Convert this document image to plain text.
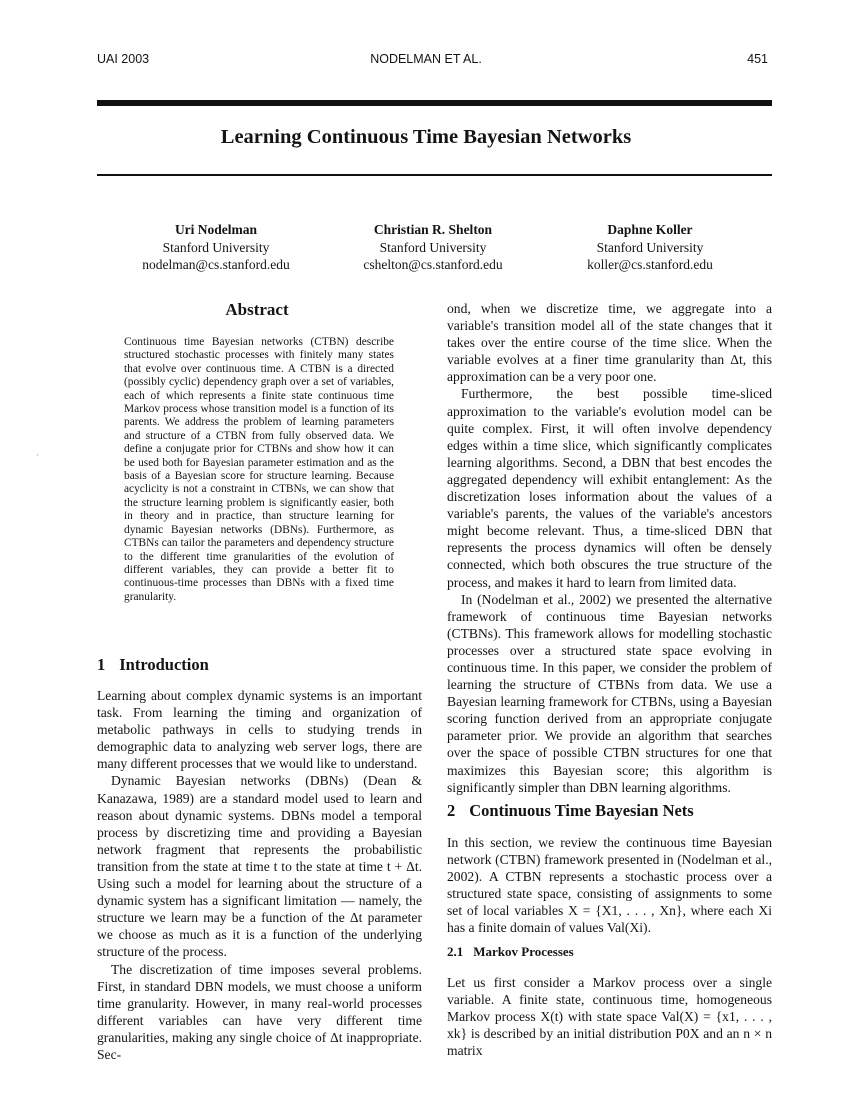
UAI 2003	NODELMAN ET AL.	451
Learning Continuous Time Bayesian Networks
Uri Nodelman
Stanford University
nodelman@cs.stanford.edu
Christian R. Shelton
Stanford University
cshelton@cs.stanford.edu
Daphne Koller
Stanford University
koller@cs.stanford.edu
Abstract
Continuous time Bayesian networks (CTBN) describe structured stochastic processes with finitely many states that evolve over continuous time. A CTBN is a directed (possibly cyclic) dependency graph over a set of variables, each of which represents a finite state continuous time Markov process whose transition model is a function of its parents. We address the problem of learning parameters and structure of a CTBN from fully observed data. We define a conjugate prior for CTBNs and show how it can be used both for Bayesian parameter estimation and as the basis of a Bayesian score for structure learning. Because acyclicity is not a constraint in CTBNs, we can show that the structure learning problem is significantly easier, both in theory and in practice, than structure learning for dynamic Bayesian networks (DBNs). Furthermore, as CTBNs can tailor the parameters and dependency structure to the different time granularities of the evolution of different variables, they can provide a better fit to continuous-time processes than DBNs with a fixed time granularity.
·
1 Introduction

Learning about complex dynamic systems is an important task. From learning the timing and organization of metabolic pathways in cells to studying trends in demographic data to analyzing web server logs, there are many different processes that we would like to understand.

Dynamic Bayesian networks (DBNs) (Dean & Kanazawa, 1989) are a standard model used to learn and reason about dynamic systems. DBNs model a temporal process by discretizing time and providing a Bayesian network fragment that represents the probabilistic transition from the state at time t to the state at time t + Δt. Using such a model for learning about the structure of a dynamic system has a significant limitation — namely, the structure we learn may be a function of the Δt parameter we choose as much as it is a function of the underlying structure of the process.

The discretization of time imposes several problems. First, in standard DBN models, we must choose a uniform time granularity. However, in many real-world processes different variables can have very different time granularities, making any single choice of Δt inappropriate. Sec-

ond, when we discretize time, we aggregate into a variable's transition model all of the state changes that it takes over the entire course of the time slice. When the variable evolves at a finer time granularity than Δt, this approximation can be a very poor one.

Furthermore, the best possible time-sliced approximation to the variable's evolution model can be quite complex. First, it will often involve dependency edges within a time slice, which significantly complicates learning algorithms. Second, a DBN that best encodes the aggregated dependency will exhibit entanglement: As the discretization loses information about the values of a variable's parents, the values of the variable's ancestors might become relevant. Thus, a time-sliced DBN that represents the process dynamics will often be densely connected, which both obscures the true structure of the process, and makes it hard to learn from limited data.

In (Nodelman et al., 2002) we presented the alternative framework of continuous time Bayesian networks (CTBNs). This framework allows for modelling stochastic processes over a structured state space evolving in continuous time. In this paper, we consider the problem of learning the structure of CTBNs from data. We use a Bayesian learning framework for CTBNs, using a Bayesian scoring function derived from an appropriate conjugate parameter prior. We provide an algorithm that searches over the space of possible CTBN structures for one that maximizes this Bayesian score; this algorithm is significantly simpler than DBN learning algorithms.

2 Continuous Time Bayesian Nets

In this section, we review the continuous time Bayesian network (CTBN) framework presented in (Nodelman et al., 2002). A CTBN represents a stochastic process over a structured state space, consisting of assignments to some set of local variables X = {X1, . . . , Xn}, where each Xi has a finite domain of values Val(Xi).

2.1 Markov Processes

Let us first consider a Markov process over a single variable. A finite state, continuous time, homogeneous Markov process X(t) with state space Val(X) = {x1, . . . , xk} is described by an initial distribution P0X and an n × n matrix
